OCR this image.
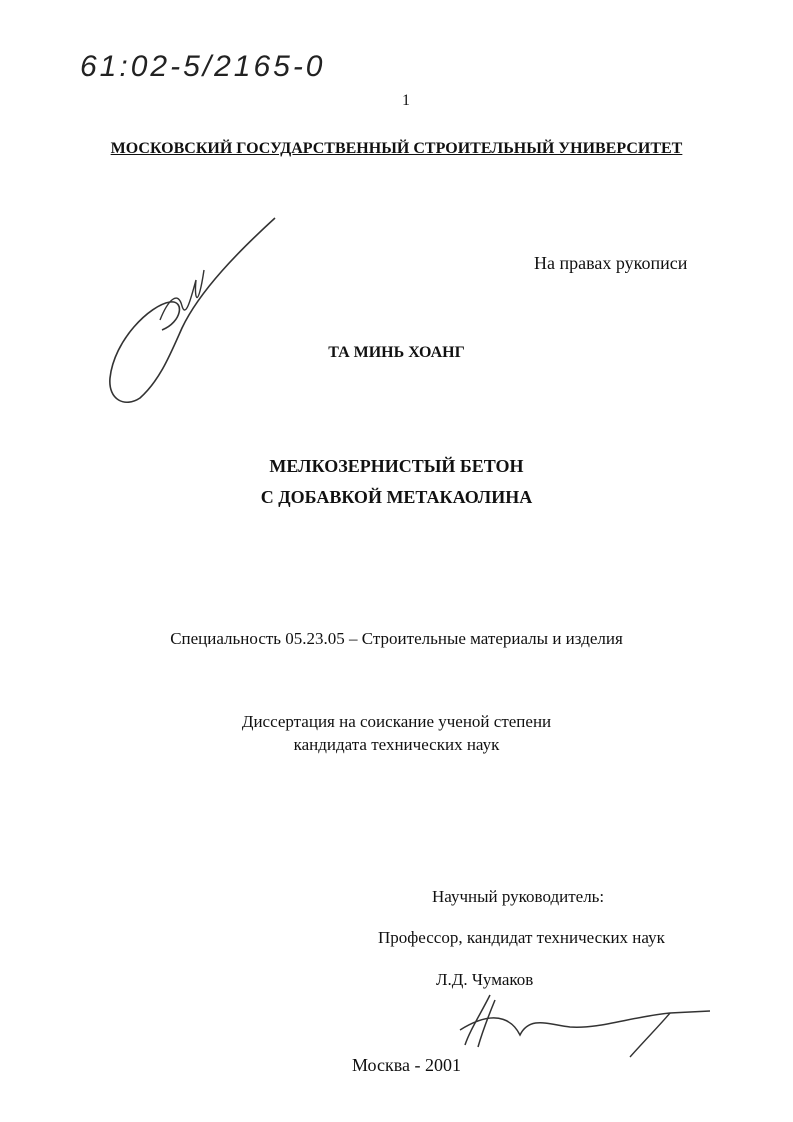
61:02-5/2165-0
1
МОСКОВСКИЙ ГОСУДАРСТВЕННЫЙ СТРОИТЕЛЬНЫЙ УНИВЕРСИТЕТ
На правах рукописи
ТА МИНЬ ХОАНГ
МЕЛКОЗЕРНИСТЫЙ БЕТОН
С ДОБАВКОЙ МЕТАКАОЛИНА
Специальность 05.23.05 – Строительные материалы и изделия
Диссертация на соискание ученой степени
кандидата технических наук
Научный руководитель:
Профессор, кандидат технических наук
Л.Д. Чумаков
Москва - 2001
